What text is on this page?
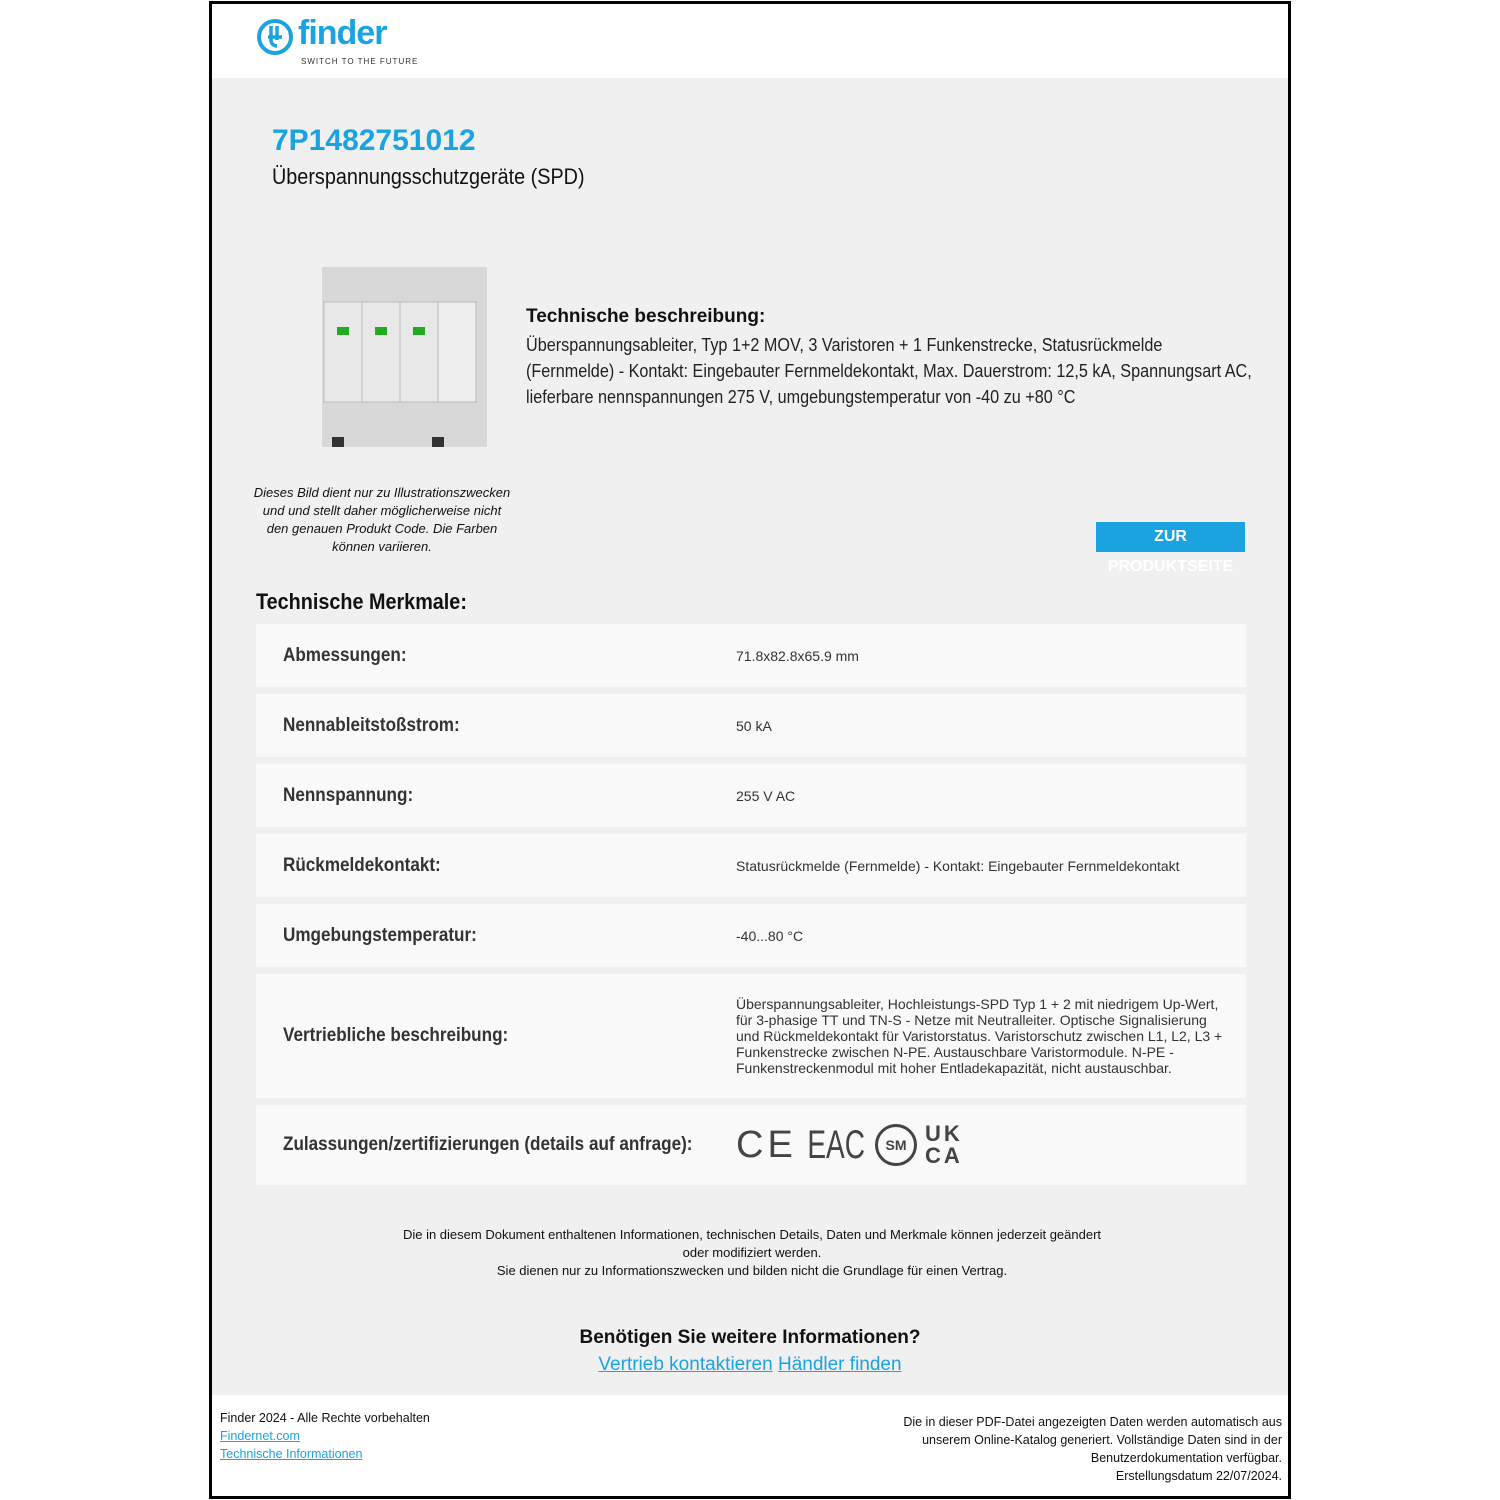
finder
SWITCH TO THE FUTURE
7P1482751012
Überspannungsschutzgeräte (SPD)
Dieses Bild dient nur zu Illustrationszwecken und und stellt daher möglicherweise nicht den genauen Produkt Code. Die Farben können variieren.
Technische beschreibung:
Überspannungsableiter, Typ 1+2 MOV, 3 Varistoren + 1 Funkenstrecke, Statusrückmelde (Fernmelde) - Kontakt: Eingebauter Fernmeldekontakt, Max. Dauerstrom: 12,5 kA, Spannungsart AC, lieferbare nennspannungen 275 V, umgebungstemperatur von -40 zu +80 °C
ZUR PRODUKTSEITE
Technische Merkmale:
Abmessungen:	71.8x82.8x65.9 mm
Nennableitstoßstrom:	50 kA
Nennspannung:	255 V AC
Rückmeldekontakt:	Statusrückmelde (Fernmelde) - Kontakt: Eingebauter Fernmeldekontakt
Umgebungstemperatur:	-40...80 °C
Vertriebliche beschreibung:
Überspannungsableiter, Hochleistungs-SPD Typ 1 + 2 mit niedrigem Up-Wert, für 3-phasige TT und TN-S - Netze mit Neutralleiter. Optische Signalisierung und Rückmeldekontakt für Varistorstatus. Varistorschutz zwischen L1, L2, L3 + Funkenstrecke zwischen N-PE. Austauschbare Varistormodule. N-PE - Funkenstreckenmodul mit hoher Entladekapazität, nicht austauschbar.
Zulassungen/zertifizierungen (details auf anfrage): CE EAC	SM UKCA
Die in diesem Dokument enthaltenen Informationen, technischen Details, Daten und Merkmale können jederzeit geändert oder modifiziert werden.
Sie dienen nur zu Informationszwecken und bilden nicht die Grundlage für einen Vertrag.
Benötigen Sie weitere Informationen?
Vertrieb kontaktieren Händler finden
Finder 2024 - Alle Rechte vorbehalten
Findernet.com
Technische Informationen
Die in dieser PDF-Datei angezeigten Daten werden automatisch aus unserem Online-Katalog generiert. Vollständige Daten sind in der Benutzerdokumentation verfügbar.
Erstellungsdatum 22/07/2024.
